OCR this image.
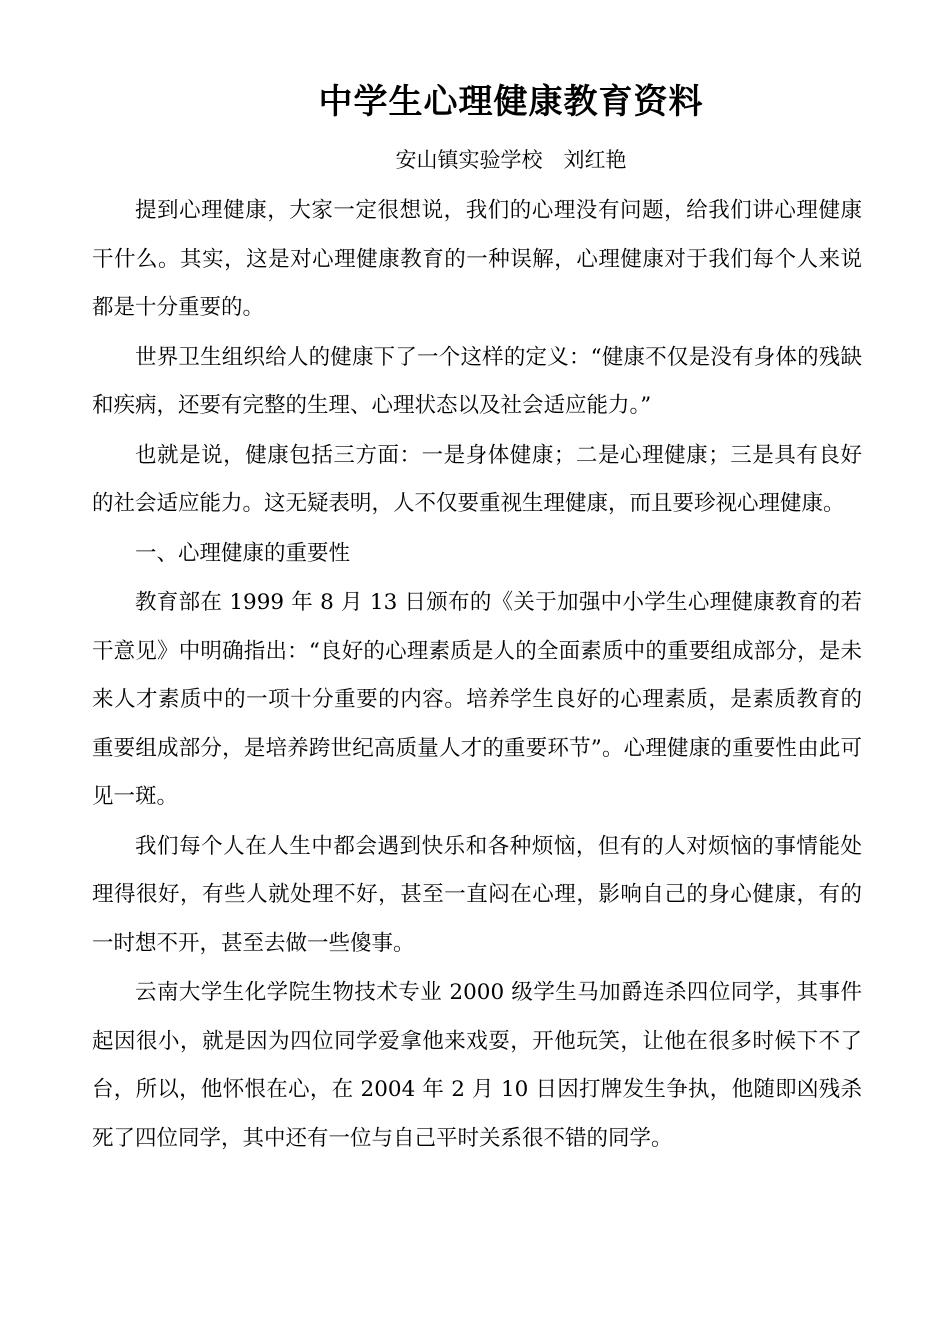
中学生心理健康教育资料
安山镇实验学校　刘红艳

提到心理健康，大家一定很想说，我们的心理没有问题，给我们讲心理健康干什么。其实，这是对心理健康教育的一种误解，心理健康对于我们每个人来说都是十分重要的。

世界卫生组织给人的健康下了一个这样的定义：“健康不仅是没有身体的残缺和疾病，还要有完整的生理、心理状态以及社会适应能力。”

也就是说，健康包括三方面：一是身体健康；二是心理健康；三是具有良好的社会适应能力。这无疑表明，人不仅要重视生理健康，而且要珍视心理健康。

一、心理健康的重要性

教育部在 1999 年 8 月 13 日颁布的《关于加强中小学生心理健康教育的若干意见》中明确指出：“良好的心理素质是人的全面素质中的重要组成部分，是未来人才素质中的一项十分重要的内容。培养学生良好的心理素质，是素质教育的重要组成部分，是培养跨世纪高质量人才的重要环节”。心理健康的重要性由此可见一斑。

我们每个人在人生中都会遇到快乐和各种烦恼，但有的人对烦恼的事情能处理得很好，有些人就处理不好，甚至一直闷在心理，影响自己的身心健康，有的一时想不开，甚至去做一些傻事。

云南大学生化学院生物技术专业 2000 级学生马加爵连杀四位同学，其事件起因很小，就是因为四位同学爱拿他来戏耍，开他玩笑，让他在很多时候下不了台，所以，他怀恨在心，在 2004 年 2 月 10 日因打牌发生争执，他随即凶残杀死了四位同学，其中还有一位与自己平时关系很不错的同学。
